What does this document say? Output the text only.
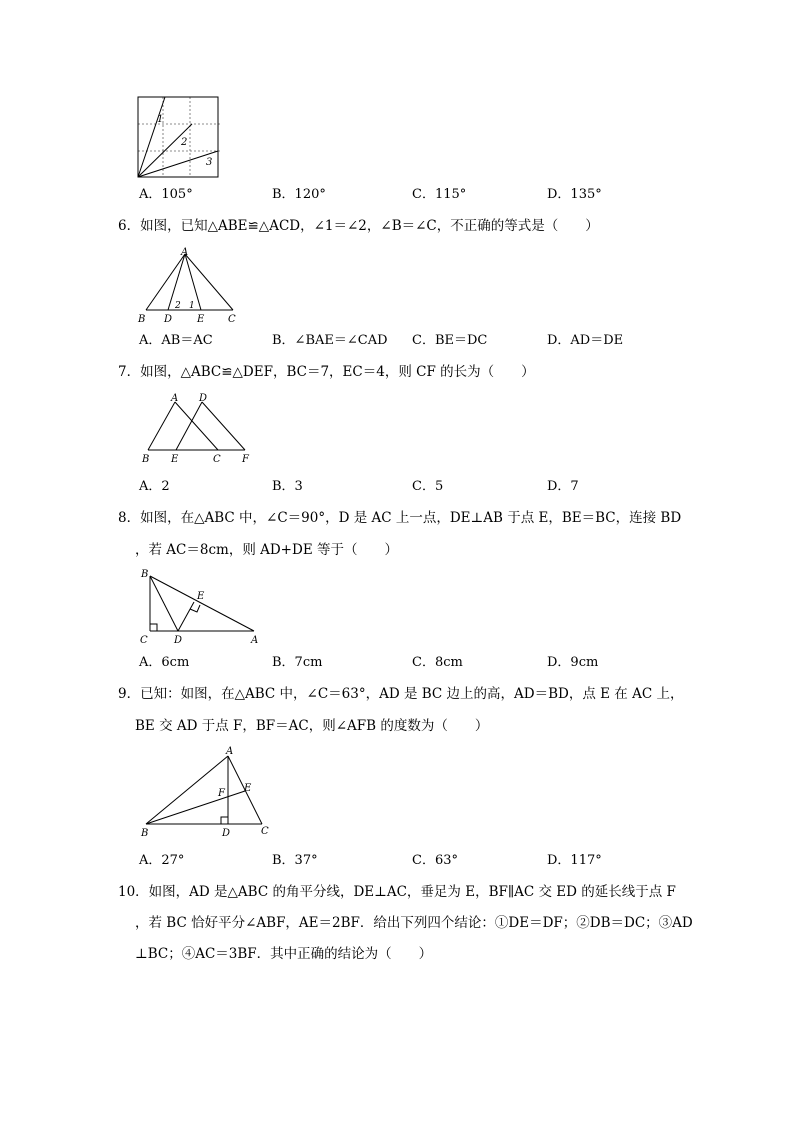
1
2
3
A．105°	B．120°	C．115°	D．135°
6．如图，已知△ABE≌△ACD，∠1＝∠2，∠B＝∠C，不正确的等式是（　　）
A
B D E C
2 1
A．AB＝AC	B．∠BAE＝∠CAD C．BE＝DC	D．AD＝DE
7．如图，△ABC≌△DEF，BC＝7，EC＝4，则 CF 的长为（　　）
A D
B E	C F
A．2	B．3	C．5	D．7
8．如图，在△ABC 中，∠C＝90°，D 是 AC 上一点，DE⊥AB 于点 E，BE＝BC，连接 BD
，若 AC＝8cm，则 AD+DE 等于（　　）
B
E
C	D	A
A．6cm	B．7cm	C．8cm	D．9cm
9．已知：如图，在△ABC 中，∠C＝63°，AD 是 BC 边上的高，AD＝BD，点 E 在 AC 上，
BE 交 AD 于点 F，BF＝AC，则∠AFB 的度数为（　　）
A
E
F
B	D	C
A．27°	B．37°	C．63°	D．117°
10．如图，AD 是△ABC 的角平分线，DE⊥AC，垂足为 E，BF∥AC 交 ED 的延长线于点 F
，若 BC 恰好平分∠ABF，AE＝2BF．给出下列四个结论：①DE＝DF；②DB＝DC；③AD
⊥BC；④AC＝3BF．其中正确的结论为（　　）
